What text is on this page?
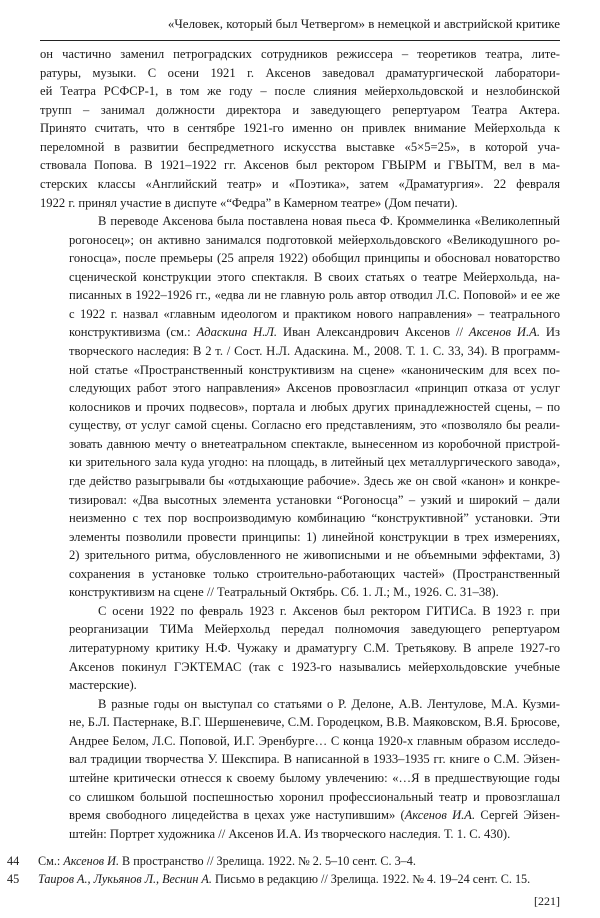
«Человек, который был Четвергом» в немецкой и австрийской критике
он частично заменил петроградских сотрудников режиссера – теоретиков театра, лите-
ратуры, музыки. С осени 1921 г. Аксенов заведовал драматургической лаборатори-
ей Театра РСФСР-1, в том же году – после слияния мейерхольдовской и незлобинской
трупп – занимал должности директора и заведующего репертуаром Театра Актера.
Принято считать, что в сентябре 1921-го именно он привлек внимание Мейерхольда к
переломной в развитии беспредметного искусства выставке «5×5=25», в которой уча-
ствовала Попова. В 1921–1922 гг. Аксенов был ректором ГВЫРМ и ГВЫТМ, вел в ма-
стерских классы «Английский театр» и «Поэтика», затем «Драматургия». 22 февраля
1922 г. принял участие в диспуте «“Федра” в Камерном театре» (Дом печати).
В переводе Аксенова была поставлена новая пьеса Ф. Кроммелинка «Великолепный
рогоносец»; он активно занимался подготовкой мейерхольдовского «Великодушного ро-
гоносца», после премьеры (25 апреля 1922) обобщил принципы и обосновал новаторство
сценической конструкции этого спектакля. В своих статьях о театре Мейерхольда, на-
писанных в 1922–1926 гг., «едва ли не главную роль автор отводил Л.С. Поповой» и ее же
с 1922 г. назвал «главным идеологом и практиком нового направления» – театрального
конструктивизма (см.: Адаскина Н.Л. Иван Александрович Аксенов // Аксенов И.А. Из
творческого наследия: В 2 т. / Сост. Н.Л. Адаскина. М., 2008. Т. 1. С. 33, 34). В программ-
ной статье «Пространственный конструктивизм на сцене» «каноническим для всех по-
следующих работ этого направления» Аксенов провозгласил «принцип отказа от услуг
колосников и прочих подвесов», портала и любых других принадлежностей сцены, – по
существу, от услуг самой сцены. Согласно его представлениям, это «позволяло бы реали-
зовать давнюю мечту о внетеатральном спектакле, вынесенном из коробочной пристрой-
ки зрительного зала куда угодно: на площадь, в литейный цех металлургического завода»,
где действо разыгрывали бы «отдыхающие рабочие». Здесь же он свой «канон» и конкре-
тизировал: «Два высотных элемента установки “Рогоносца” – узкий и широкий – дали
неизменно с тех пор воспроизводимую комбинацию “конструктивной” установки. Эти
элементы позволили провести принципы: 1) линейной конструкции в трех измерениях,
2) зрительного ритма, обусловленного не живописными и не объемными эффектами, 3)
сохранения в установке только строительно-работающих частей» (Пространственный
конструктивизм на сцене // Театральный Октябрь. Сб. 1. Л.; М., 1926. С. 31–38).
С осени 1922 по февраль 1923 г. Аксенов был ректором ГИТИСа. В 1923 г. при
реорганизации ТИМа Мейерхольд передал полномочия заведующего репертуаром
литературному критику Н.Ф. Чужаку и драматургу С.М. Третьякову. В апреле 1927-го
Аксенов покинул ГЭКТЕМАС (так с 1923-го назывались мейерхольдовские учебные
мастерские).
В разные годы он выступал со статьями о Р. Делоне, А.В. Лентулове, М.А. Кузми-
не, Б.Л. Пастернаке, В.Г. Шершеневиче, С.М. Городецком, В.В. Маяковском, В.Я. Брюсове,
Андрее Белом, Л.С. Поповой, И.Г. Эренбурге… С конца 1920-х главным образом исследо-
вал традиции творчества У. Шекспира. В написанной в 1933–1935 гг. книге о С.М. Эйзен-
штейне критически отнесся к своему былому увлечению: «…Я в предшествующие годы
со слишком большой поспешностью хоронил профессиональный театр и провозглашал
время свободного лицедейства в цехах уже наступившим» (Аксенов И.А. Сергей Эйзен-
штейн: Портрет художника // Аксенов И.А. Из творческого наследия. Т. 1. С. 430).
44 См.: Аксенов И. В пространство // Зрелища. 1922. № 2. 5–10 сент. С. 3–4.
45 Таиров А., Лукьянов Л., Веснин А. Письмо в редакцию // Зрелища. 1922. № 4. 19–24 сент. С. 15.
[221]
